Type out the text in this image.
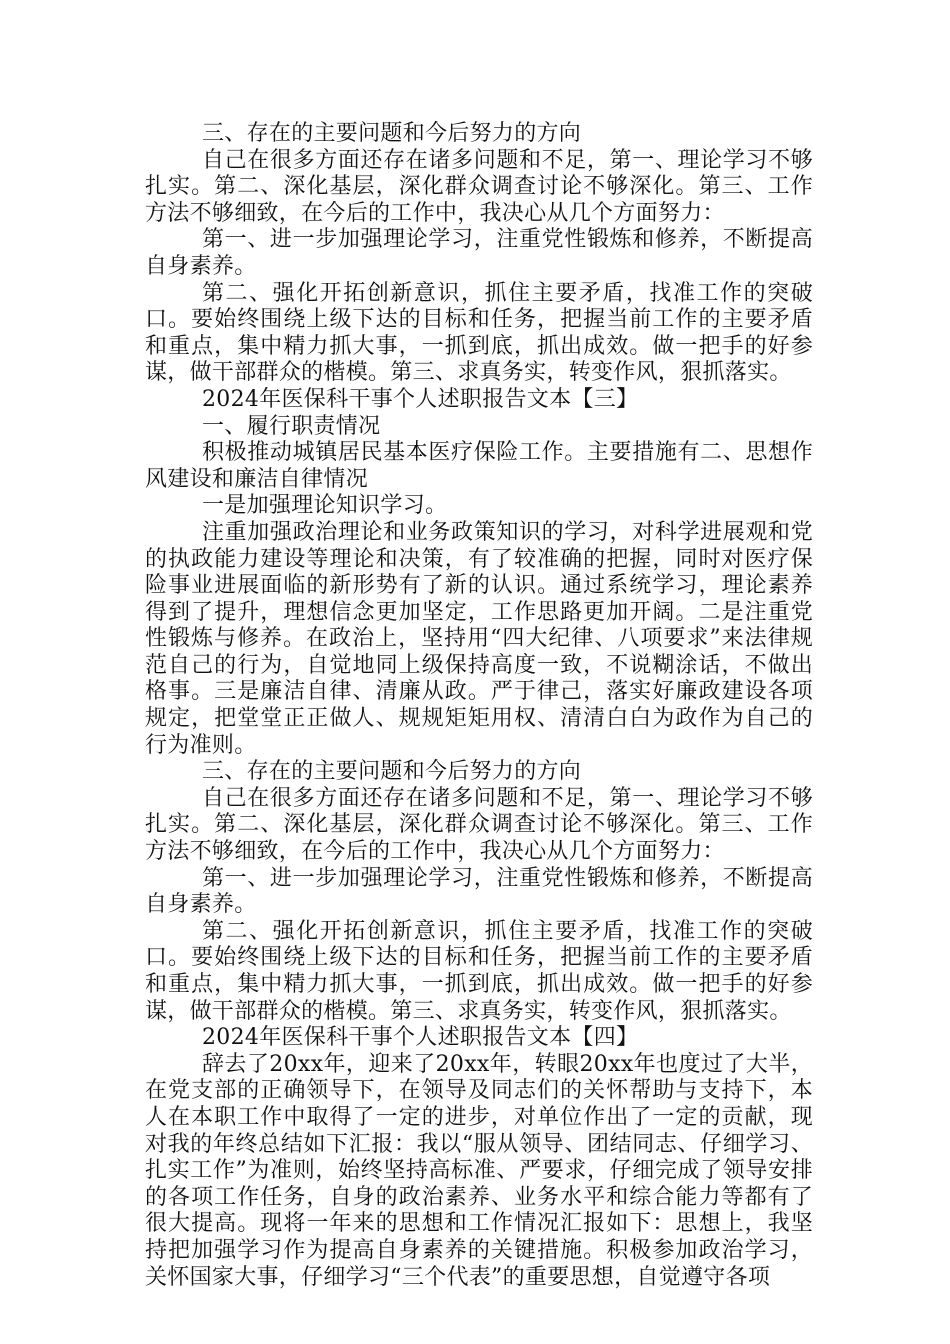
三、存在的主要问题和今后努力的方向

自己在很多方面还存在诸多问题和不足，第一、理论学习不够扎实。第二、深化基层，深化群众调查讨论不够深化。第三、工作方法不够细致，在今后的工作中，我决心从几个方面努力：

第一、进一步加强理论学习，注重党性锻炼和修养，不断提高自身素养。

第二、强化开拓创新意识，抓住主要矛盾，找准工作的突破口。要始终围绕上级下达的目标和任务，把握当前工作的主要矛盾和重点，集中精力抓大事，一抓到底，抓出成效。做一把手的好参谋，做干部群众的楷模。第三、求真务实，转变作风，狠抓落实。

2024年医保科干事个人述职报告文本【三】

一、履行职责情况

积极推动城镇居民基本医疗保险工作。主要措施有二、思想作风建设和廉洁自律情况

一是加强理论知识学习。

注重加强政治理论和业务政策知识的学习，对科学进展观和党的执政能力建设等理论和决策，有了较准确的把握，同时对医疗保险事业进展面临的新形势有了新的认识。通过系统学习，理论素养得到了提升，理想信念更加坚定，工作思路更加开阔。二是注重党性锻炼与修养。在政治上，坚持用“四大纪律、八项要求”来法律规范自己的行为，自觉地同上级保持高度一致，不说糊涂话，不做出格事。三是廉洁自律、清廉从政。严于律己，落实好廉政建设各项规定，把堂堂正正做人、规规矩矩用权、清清白白为政作为自己的行为准则。

三、存在的主要问题和今后努力的方向

自己在很多方面还存在诸多问题和不足，第一、理论学习不够扎实。第二、深化基层，深化群众调查讨论不够深化。第三、工作方法不够细致，在今后的工作中，我决心从几个方面努力：

第一、进一步加强理论学习，注重党性锻炼和修养，不断提高自身素养。

第二、强化开拓创新意识，抓住主要矛盾，找准工作的突破口。要始终围绕上级下达的目标和任务，把握当前工作的主要矛盾和重点，集中精力抓大事，一抓到底，抓出成效。做一把手的好参谋，做干部群众的楷模。第三、求真务实，转变作风，狠抓落实。

2024年医保科干事个人述职报告文本【四】

辞去了20xx年，迎来了20xx年，转眼20xx年也度过了大半，在党支部的正确领导下，在领导及同志们的关怀帮助与支持下，本人在本职工作中取得了一定的进步，对单位作出了一定的贡献，现对我的年终总结如下汇报：我以“服从领导、团结同志、仔细学习、扎实工作”为准则，始终坚持高标准、严要求，仔细完成了领导安排的各项工作任务，自身的政治素养、业务水平和综合能力等都有了很大提高。现将一年来的思想和工作情况汇报如下：思想上，我坚持把加强学习作为提高自身素养的关键措施。积极参加政治学习，关怀国家大事，仔细学习“三个代表”的重要思想，自觉遵守各项
